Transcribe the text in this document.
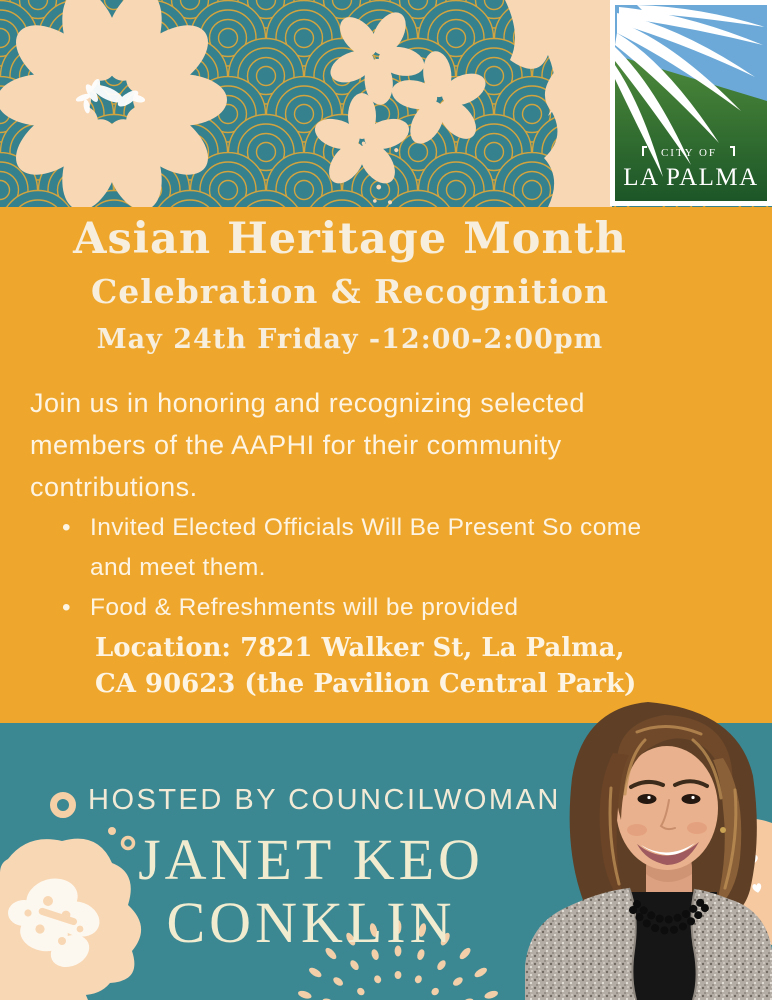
Asian Heritage Month
Celebration & Recognition
May 24th Friday -12:00-2:00pm
Join us in honoring and recognizing selected
members of the AAPHI for their community
contributions.
• Invited Elected Officials Will Be Present So come
and meet them.
• Food & Refreshments will be provided
Location: 7821 Walker St, La Palma,
CA 90623 (the Pavilion Central Park)
HOSTED BY COUNCILWOMAN
JANET KEO
CONKLIN
CITY OF
LA PALMA
